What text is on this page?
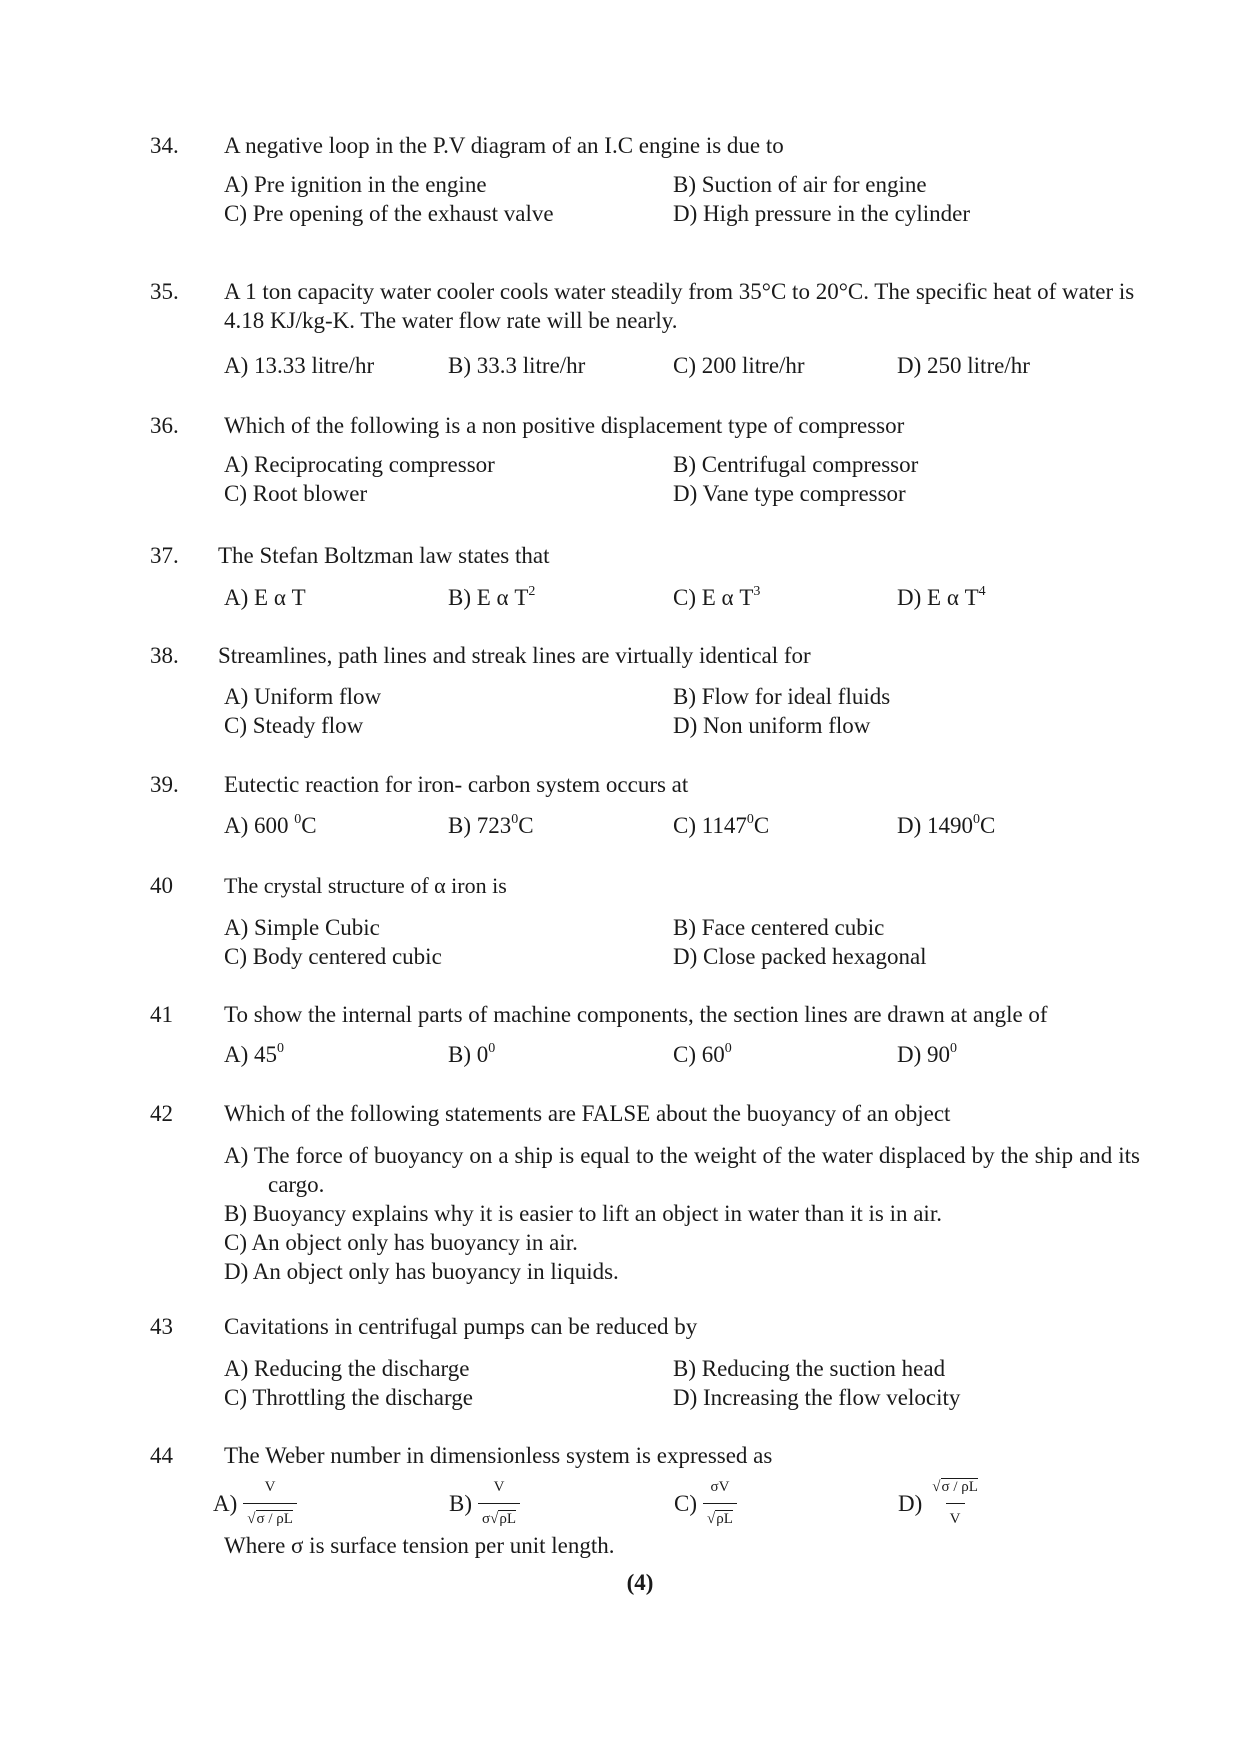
34.	A negative loop in the P.V diagram of an I.C engine is due to
A) Pre ignition in the engine	B) Suction of air for engine
C) Pre opening of the exhaust valve	D) High pressure in the cylinder
35.	A 1 ton capacity water cooler cools water steadily from 35°C to 20°C. The specific heat of water is 4.18 KJ/kg-K. The water flow rate will be nearly.
A) 13.33 litre/hr	B) 33.3 litre/hr	C) 200 litre/hr	D) 250 litre/hr
36.	Which of the following is a non positive displacement type of compressor
A) Reciprocating compressor	B) Centrifugal compressor
C) Root blower	D) Vane type compressor
37.	The Stefan Boltzman law states that
A) E α T	B) E α $T^2$	C) E α $T^3$	D) E α $T^4$
38.	Streamlines, path lines and streak lines are virtually identical for
A) Uniform flow	B) Flow for ideal fluids
C) Steady flow	D) Non uniform flow
39.	Eutectic reaction for iron- carbon system occurs at
A) 600 $^0$C	B) $723^0C$	C) 1147$^0$C	D) 1490$^0$C
40	The crystal structure of α iron is
A) Simple Cubic	B) Face centered cubic
C) Body centered cubic	D) Close packed hexagonal
41	To show the internal parts of machine components, the section lines are drawn at angle of
A) $45^0$	B) $0^0$	C) $60^0$	D) $90^0$
42	Which of the following statements are FALSE about the buoyancy of an object
A) The force of buoyancy on a ship is equal to the weight of the water displaced by the ship and its cargo.
B) Buoyancy explains why it is easier to lift an object in water than it is in air.
C) An object only has buoyancy in air.
D) An object only has buoyancy in liquids.
43	Cavitations in centrifugal pumps can be reduced by
A) Reducing the discharge	B) Reducing the suction head
C) Throttling the discharge	D) Increasing the flow velocity
44	The Weber number in dimensionless system is expressed as
$A) \frac{V}{√\sigma / \rho L}$	$B) \frac{V}{\sigma√\rho L}$	$C) \frac{\sigma V}{√\rho L}$	$D) \frac{√\sigma / \rho L}{V}$
Where σ is surface tension per unit length.
(4)
